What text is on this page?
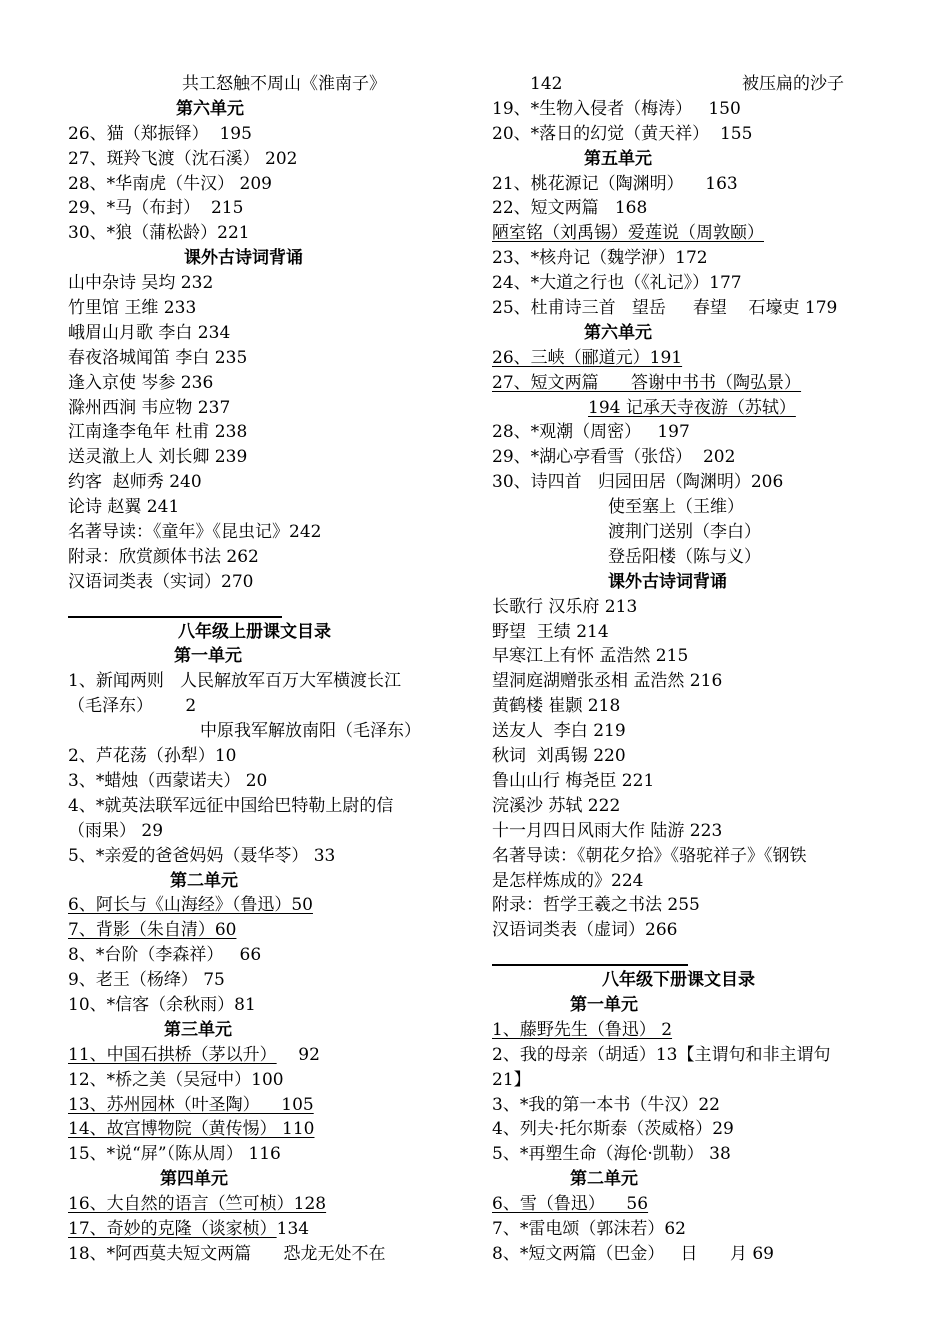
共工怒触不周山《淮南子》
第六单元
26、猫（郑振铎）  195
27、斑羚飞渡（沈石溪） 202
28、*华南虎（牛汉） 209
29、*马（布封）  215
30、*狼（蒲松龄）221
课外古诗词背诵
山中杂诗 吴均 232
竹里馆 王维 233
峨眉山月歌 李白 234
春夜洛城闻笛 李白 235
逢入京使 岑参 236
滁州西涧 韦应物 237
江南逢李龟年 杜甫 238
送灵澈上人 刘长卿 239
约客  赵师秀 240
论诗 赵翼 241
名著导读：《童年》《昆虫记》242
附录：欣赏颜体书法 262
汉语词类表（实词）270
八年级上册课文目录
第一单元
1、新闻两则   人民解放军百万大军横渡长江
（毛泽东）      2
中原我军解放南阳（毛泽东）
2、芦花荡（孙犁）10
3、*蜡烛（西蒙诺夫） 20
4、*就英法联军远征中国给巴特勒上尉的信
（雨果） 29
5、*亲爱的爸爸妈妈（聂华苓） 33
第二单元
6、阿长与《山海经》（鲁迅）50
7、背影（朱自清）60
8、*台阶（李森祥）   66
9、老王（杨绛） 75
10、*信客（余秋雨）81
第三单元
11、中国石拱桥（茅以升）    92
12、*桥之美（吴冠中）100
13、苏州园林（叶圣陶）    105
14、故宫博物院（黄传惕） 110
15、*说“屏”（陈从周） 116
第四单元
16、大自然的语言（竺可桢）128
17、奇妙的克隆（谈家桢）134
18、*阿西莫夫短文两篇      恐龙无处不在
142	被压扁的沙子
19、*生物入侵者（梅涛）   150
20、*落日的幻觉（黄天祥）  155
第五单元
21、桃花源记（陶渊明）    163
22、短文两篇   168
陋室铭（刘禹锡）爱莲说（周敦颐）
23、*核舟记（魏学洢）172
24、*大道之行也（《礼记》）177
25、杜甫诗三首   望岳     春望    石壕吏 179
第六单元
26、三峡（郦道元）191
27、短文两篇      答谢中书书（陶弘景）
194 记承天寺夜游（苏轼）
28、*观潮（周密）   197
29、*湖心亭看雪（张岱）  202
30、诗四首   归园田居（陶渊明）206
使至塞上（王维）
渡荆门送别（李白）
登岳阳楼（陈与义）
课外古诗词背诵
长歌行 汉乐府 213
野望  王绩 214
早寒江上有怀 孟浩然 215
望洞庭湖赠张丞相 孟浩然 216
黄鹤楼 崔颢 218
送友人  李白 219
秋词  刘禹锡 220
鲁山山行 梅尧臣 221
浣溪沙 苏轼 222
十一月四日风雨大作 陆游 223
名著导读：《朝花夕拾》《骆驼祥子》《钢铁
是怎样炼成的》224
附录：哲学王羲之书法 255
汉语词类表（虚词）266
八年级下册课文目录
第一单元
1、藤野先生（鲁迅） 2
2、我的母亲（胡适）13【主谓句和非主谓句
21】
3、*我的第一本书（牛汉）22
4、列夫·托尔斯泰（茨威格）29
5、*再塑生命（海伦·凯勒） 38
第二单元
6、雪（鲁迅）    56
7、*雷电颂（郭沫若）62
8、*短文两篇（巴金）   日      月 69
